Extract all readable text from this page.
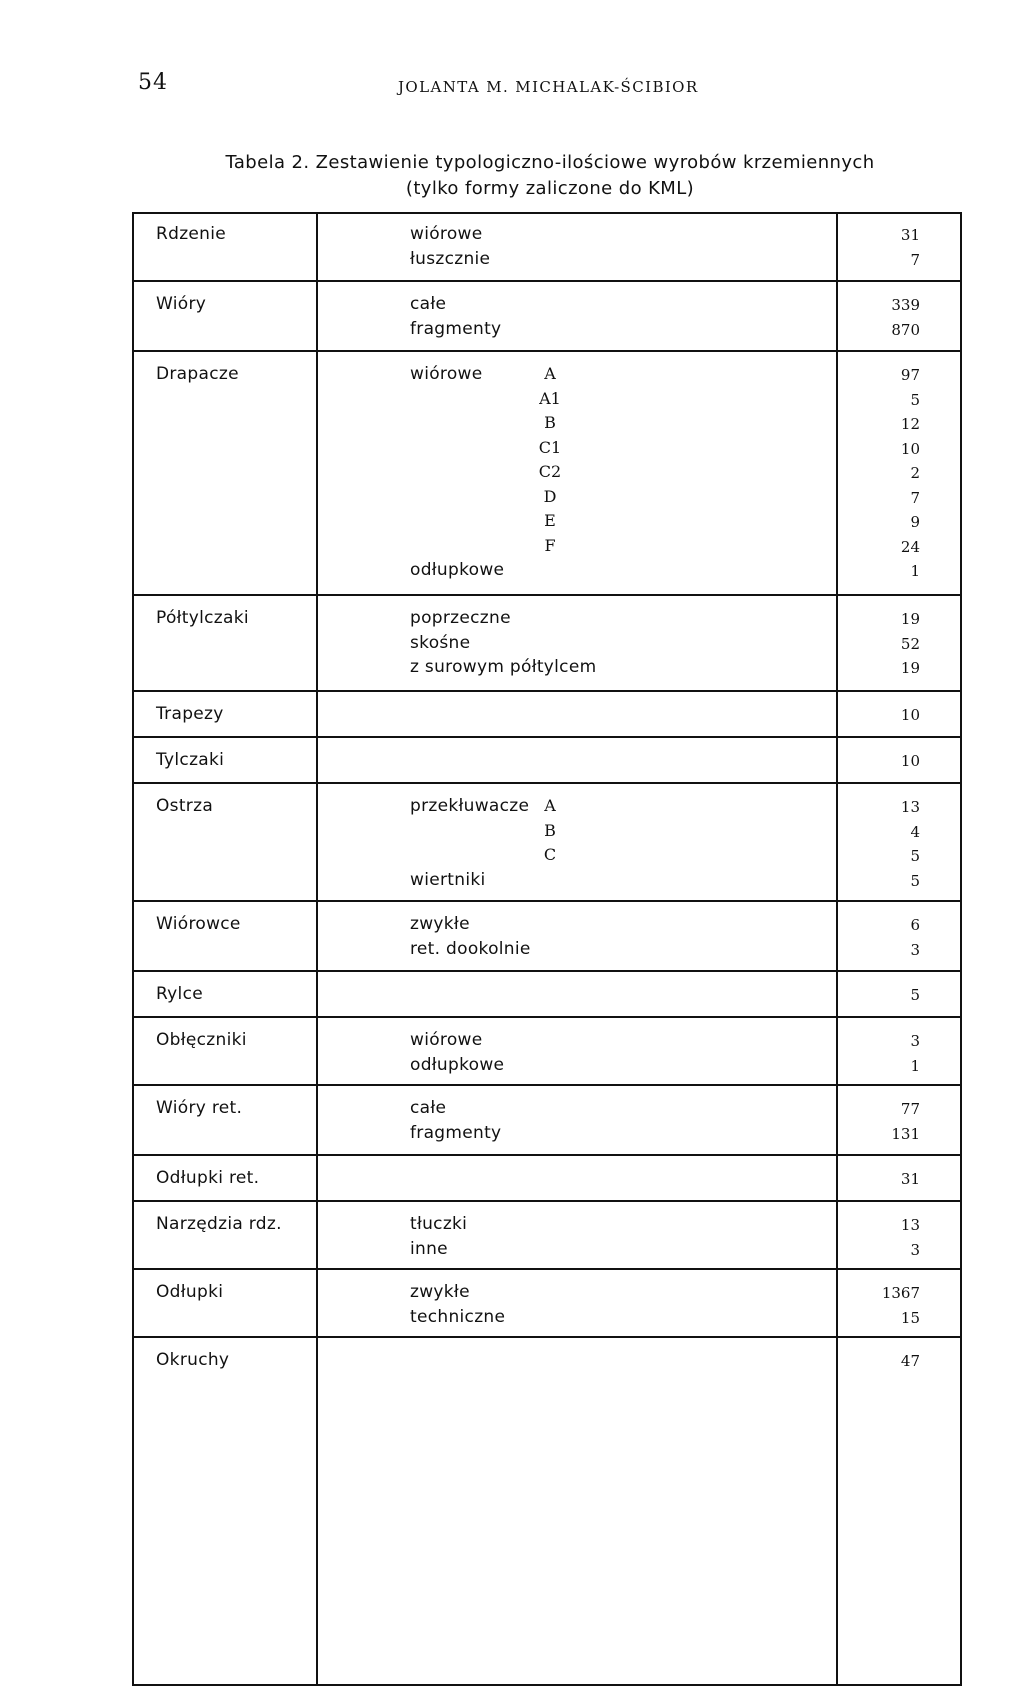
54	JOLANTA M. MICHALAK-ŚCIBIOR
Tabela 2. Zestawienie typologiczno-ilościowe wyrobów krzemiennych
(tylko formy zaliczone do KML)
Rdzenie	wiórowe	31
łuszcznie	7
Wióry	całe	339
fragmenty	870
Drapacze	wiórowe	A	97
A1	5
B	12
C1	10
C2	2
D	7
E	9
F	24
odłupkowe	1
Półtylczaki	poprzeczne	19
skośne	52
z surowym półtylcem	19
Trapezy	10
Tylczaki	10
Ostrza	przekłuwacze A	13
B	4
C	5
wiertniki	5
Wiórowce	zwykłe	6
ret. dookolnie	3
Rylce	5
Obłęczniki	wiórowe	3
odłupkowe	1
Wióry ret.	całe	77
fragmenty	131
Odłupki ret.	31
Narzędzia rdz.	tłuczki	13
inne	3
Odłupki	zwykłe	1367
techniczne	15
Okruchy	47
